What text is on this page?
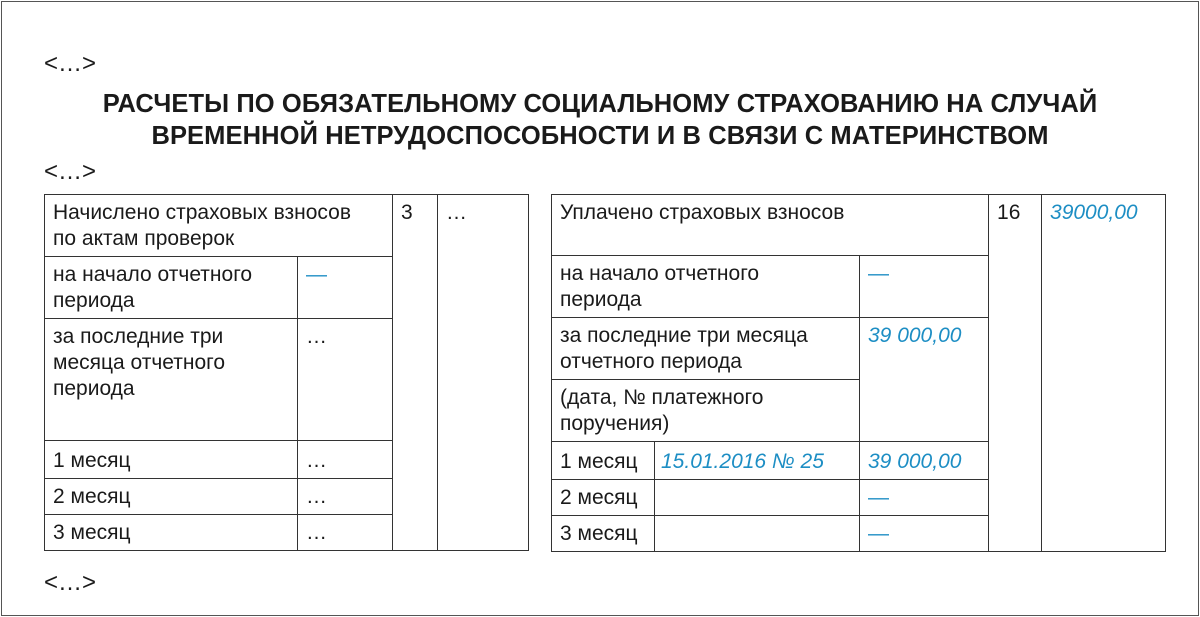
<…>
РАСЧЕТЫ ПО ОБЯЗАТЕЛЬНОМУ СОЦИАЛЬНОМУ СТРАХОВАНИЮ НА СЛУЧАЙ
ВРЕМЕННОЙ НЕТРУДОСПОСОБНОСТИ И В СВЯЗИ С МАТЕРИНСТВОМ
<…>
Начислено страховых взносов по актам проверок		3	…
на начало отчетного периода	—		
за последние три месяца отчетного периода	…		
1 месяц	…		
2 месяц	…		
3 месяц	…		
Уплачено страховых взносов			16	39000,00
на начало отчетного периода		—		
за последние три месяца отчетного периода		39 000,00		
(дата, № платежного поручения)				
1 месяц	15.01.2016 № 25	39 000,00		
2 месяц		—		
3 месяц		—		
<…>
